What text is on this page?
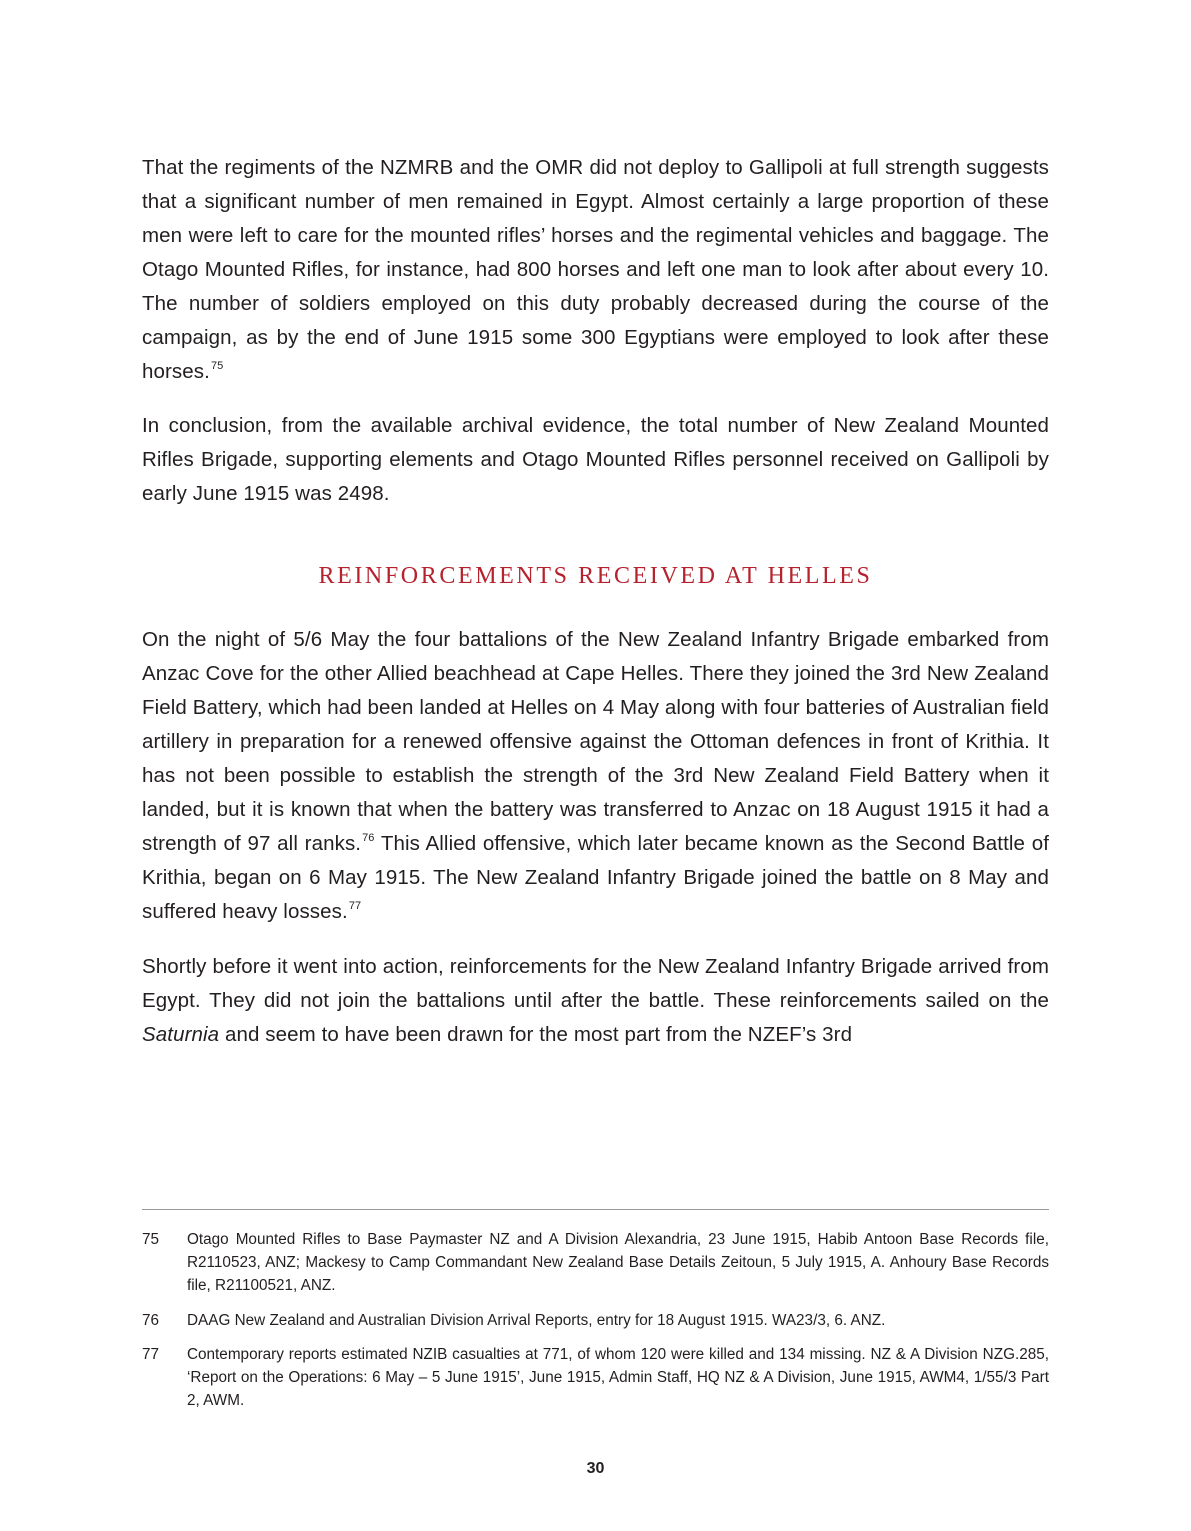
That the regiments of the NZMRB and the OMR did not deploy to Gallipoli at full strength suggests that a significant number of men remained in Egypt. Almost certainly a large proportion of these men were left to care for the mounted rifles’ horses and the regimental vehicles and baggage. The Otago Mounted Rifles, for instance, had 800 horses and left one man to look after about every 10. The number of soldiers employed on this duty probably decreased during the course of the campaign, as by the end of June 1915 some 300 Egyptians were employed to look after these horses.$^{75}$

In conclusion, from the available archival evidence, the total number of New Zealand Mounted Rifles Brigade, supporting elements and Otago Mounted Rifles personnel received on Gallipoli by early June 1915 was 2498.

REINFORCEMENTS RECEIVED AT HELLES

On the night of 5/6 May the four battalions of the New Zealand Infantry Brigade embarked from Anzac Cove for the other Allied beachhead at Cape Helles. There they joined the 3rd New Zealand Field Battery, which had been landed at Helles on 4 May along with four batteries of Australian field artillery in preparation for a renewed offensive against the Ottoman defences in front of Krithia. It has not been possible to establish the strength of the 3rd New Zealand Field Battery when it landed, but it is known that when the battery was transferred to Anzac on 18 August 1915 it had a strength of 97 all ranks.$^{76}$ This Allied offensive, which later became known as the Second Battle of Krithia, began on 6 May 1915. The New Zealand Infantry Brigade joined the battle on 8 May and suffered heavy losses.$^{77}$

Shortly before it went into action, reinforcements for the New Zealand Infantry Brigade arrived from Egypt. They did not join the battalions until after the battle. These reinforcements sailed on the Saturnia and seem to have been drawn for the most part from the NZEF’s 3rd

75 Otago Mounted Rifles to Base Paymaster NZ and A Division Alexandria, 23 June 1915, Habib Antoon Base Records file, R2110523, ANZ; Mackesy to Camp Commandant New Zealand Base Details Zeitoun, 5 July 1915, A. Anhoury Base Records file, R21100521, ANZ.
76 DAAG New Zealand and Australian Division Arrival Reports, entry for 18 August 1915. WA23/3, 6. ANZ.
77 Contemporary reports estimated NZIB casualties at 771, of whom 120 were killed and 134 missing. NZ & A Division NZG.285, ‘Report on the Operations: 6 May – 5 June 1915’, June 1915, Admin Staff, HQ NZ & A Division, June 1915, AWM4, 1/55/3 Part 2, AWM.
30
